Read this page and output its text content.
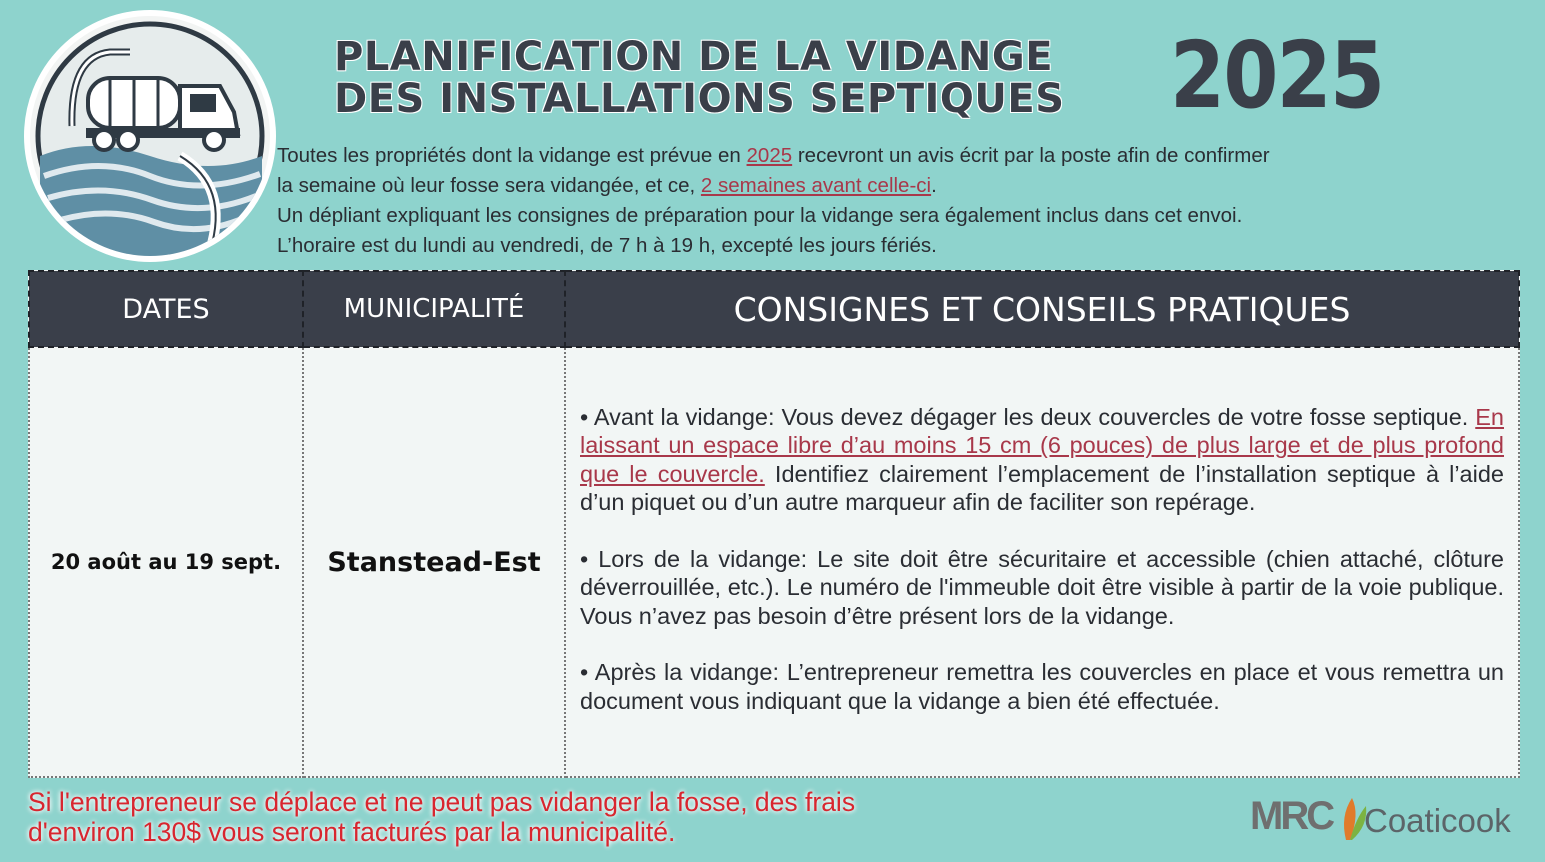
PLANIFICATION DE LA VIDANGE
DES INSTALLATIONS SEPTIQUES 2025
Toutes les propriétés dont la vidange est prévue en 2025 recevront un avis écrit par la poste afin de confirmer
la semaine où leur fosse sera vidangée, et ce, 2 semaines avant celle-ci.
Un dépliant expliquant les consignes de préparation pour la vidange sera également inclus dans cet envoi.
L’horaire est du lundi au vendredi, de 7 h à 19 h, excepté les jours fériés.
DATES	MUNICIPALITÉ	CONSIGNES ET CONSEILS PRATIQUES
20 août au 19 sept.	Stanstead-Est	• Avant la vidange: Vous devez dégager les deux couvercles de votre fosse septique. En laissant un espace libre d’au moins 15 cm (6 pouces) de plus large et de plus profond que le couvercle. Identifiez clairement l’emplacement de l’installation septique à l’aide d’un piquet ou d’un autre marqueur afin de faciliter son repérage.

• Lors de la vidange: Le site doit être sécuritaire et accessible (chien attaché, clôture déverrouillée, etc.). Le numéro de l'immeuble doit être visible à partir de la voie publique. Vous n’avez pas besoin d’être présent lors de la vidange.

• Après la vidange: L’entrepreneur remettra les couvercles en place et vous remettra un document vous indiquant que la vidange a bien été effectuée.

Si l'entrepreneur se déplace et ne peut pas vidanger la fosse, des frais
d'environ 130$ vous seront facturés par la municipalité.	MRC Coaticook
